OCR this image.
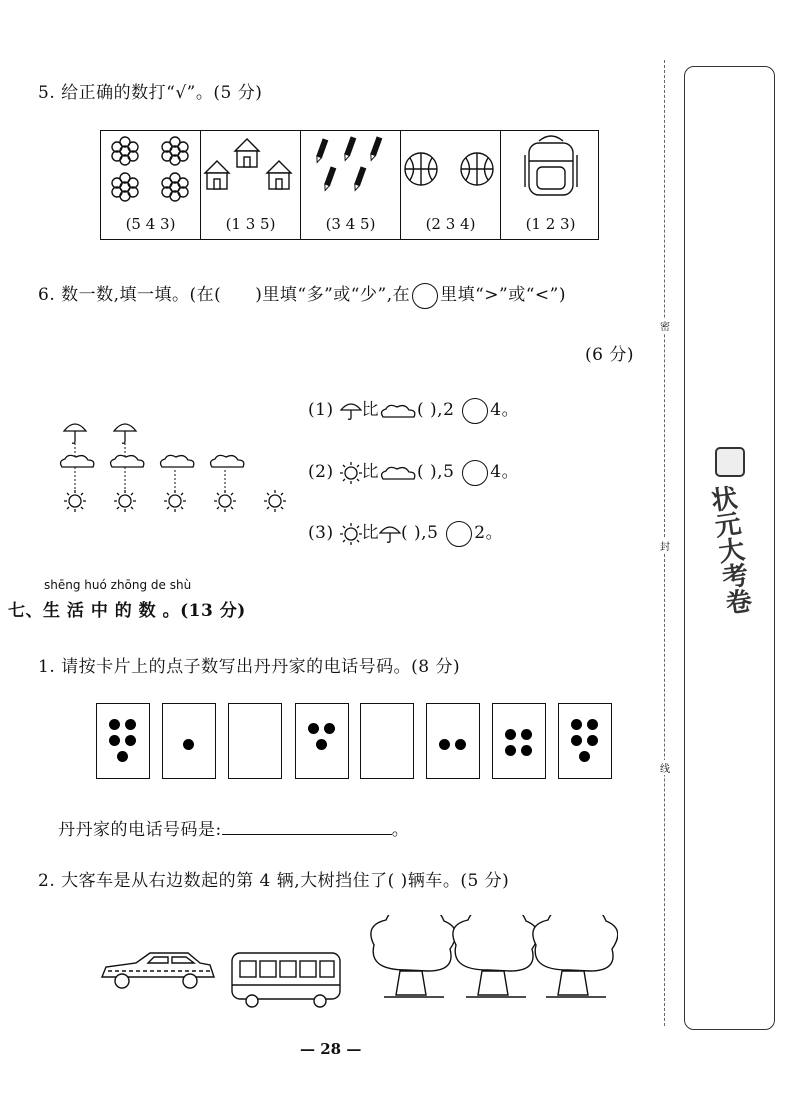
5. 给正确的数打“√”。(5 分)
(5 4 3)	(1 3 5)	(3 4 5)	(2 3 4)	(1 2 3)
6. 数一数,填一填。(在( )里填“多”或“少”,在 里填“>”或“<”)
(6 分)
(1) 比 ( ),2 4。
(2) 比 ( ),5 4。
(3) 比 ( ),5 2。
shēng huó zhōng de shù
七、生 活 中 的 数 。(13 分)
1. 请按卡片上的点子数写出丹丹家的电话号码。(8 分)
丹丹家的电话号码是:	。
2. 大客车是从右边数起的第 4 辆,大树挡住了( )辆车。(5 分)
— 28 —
密
封
线
状元大考卷
